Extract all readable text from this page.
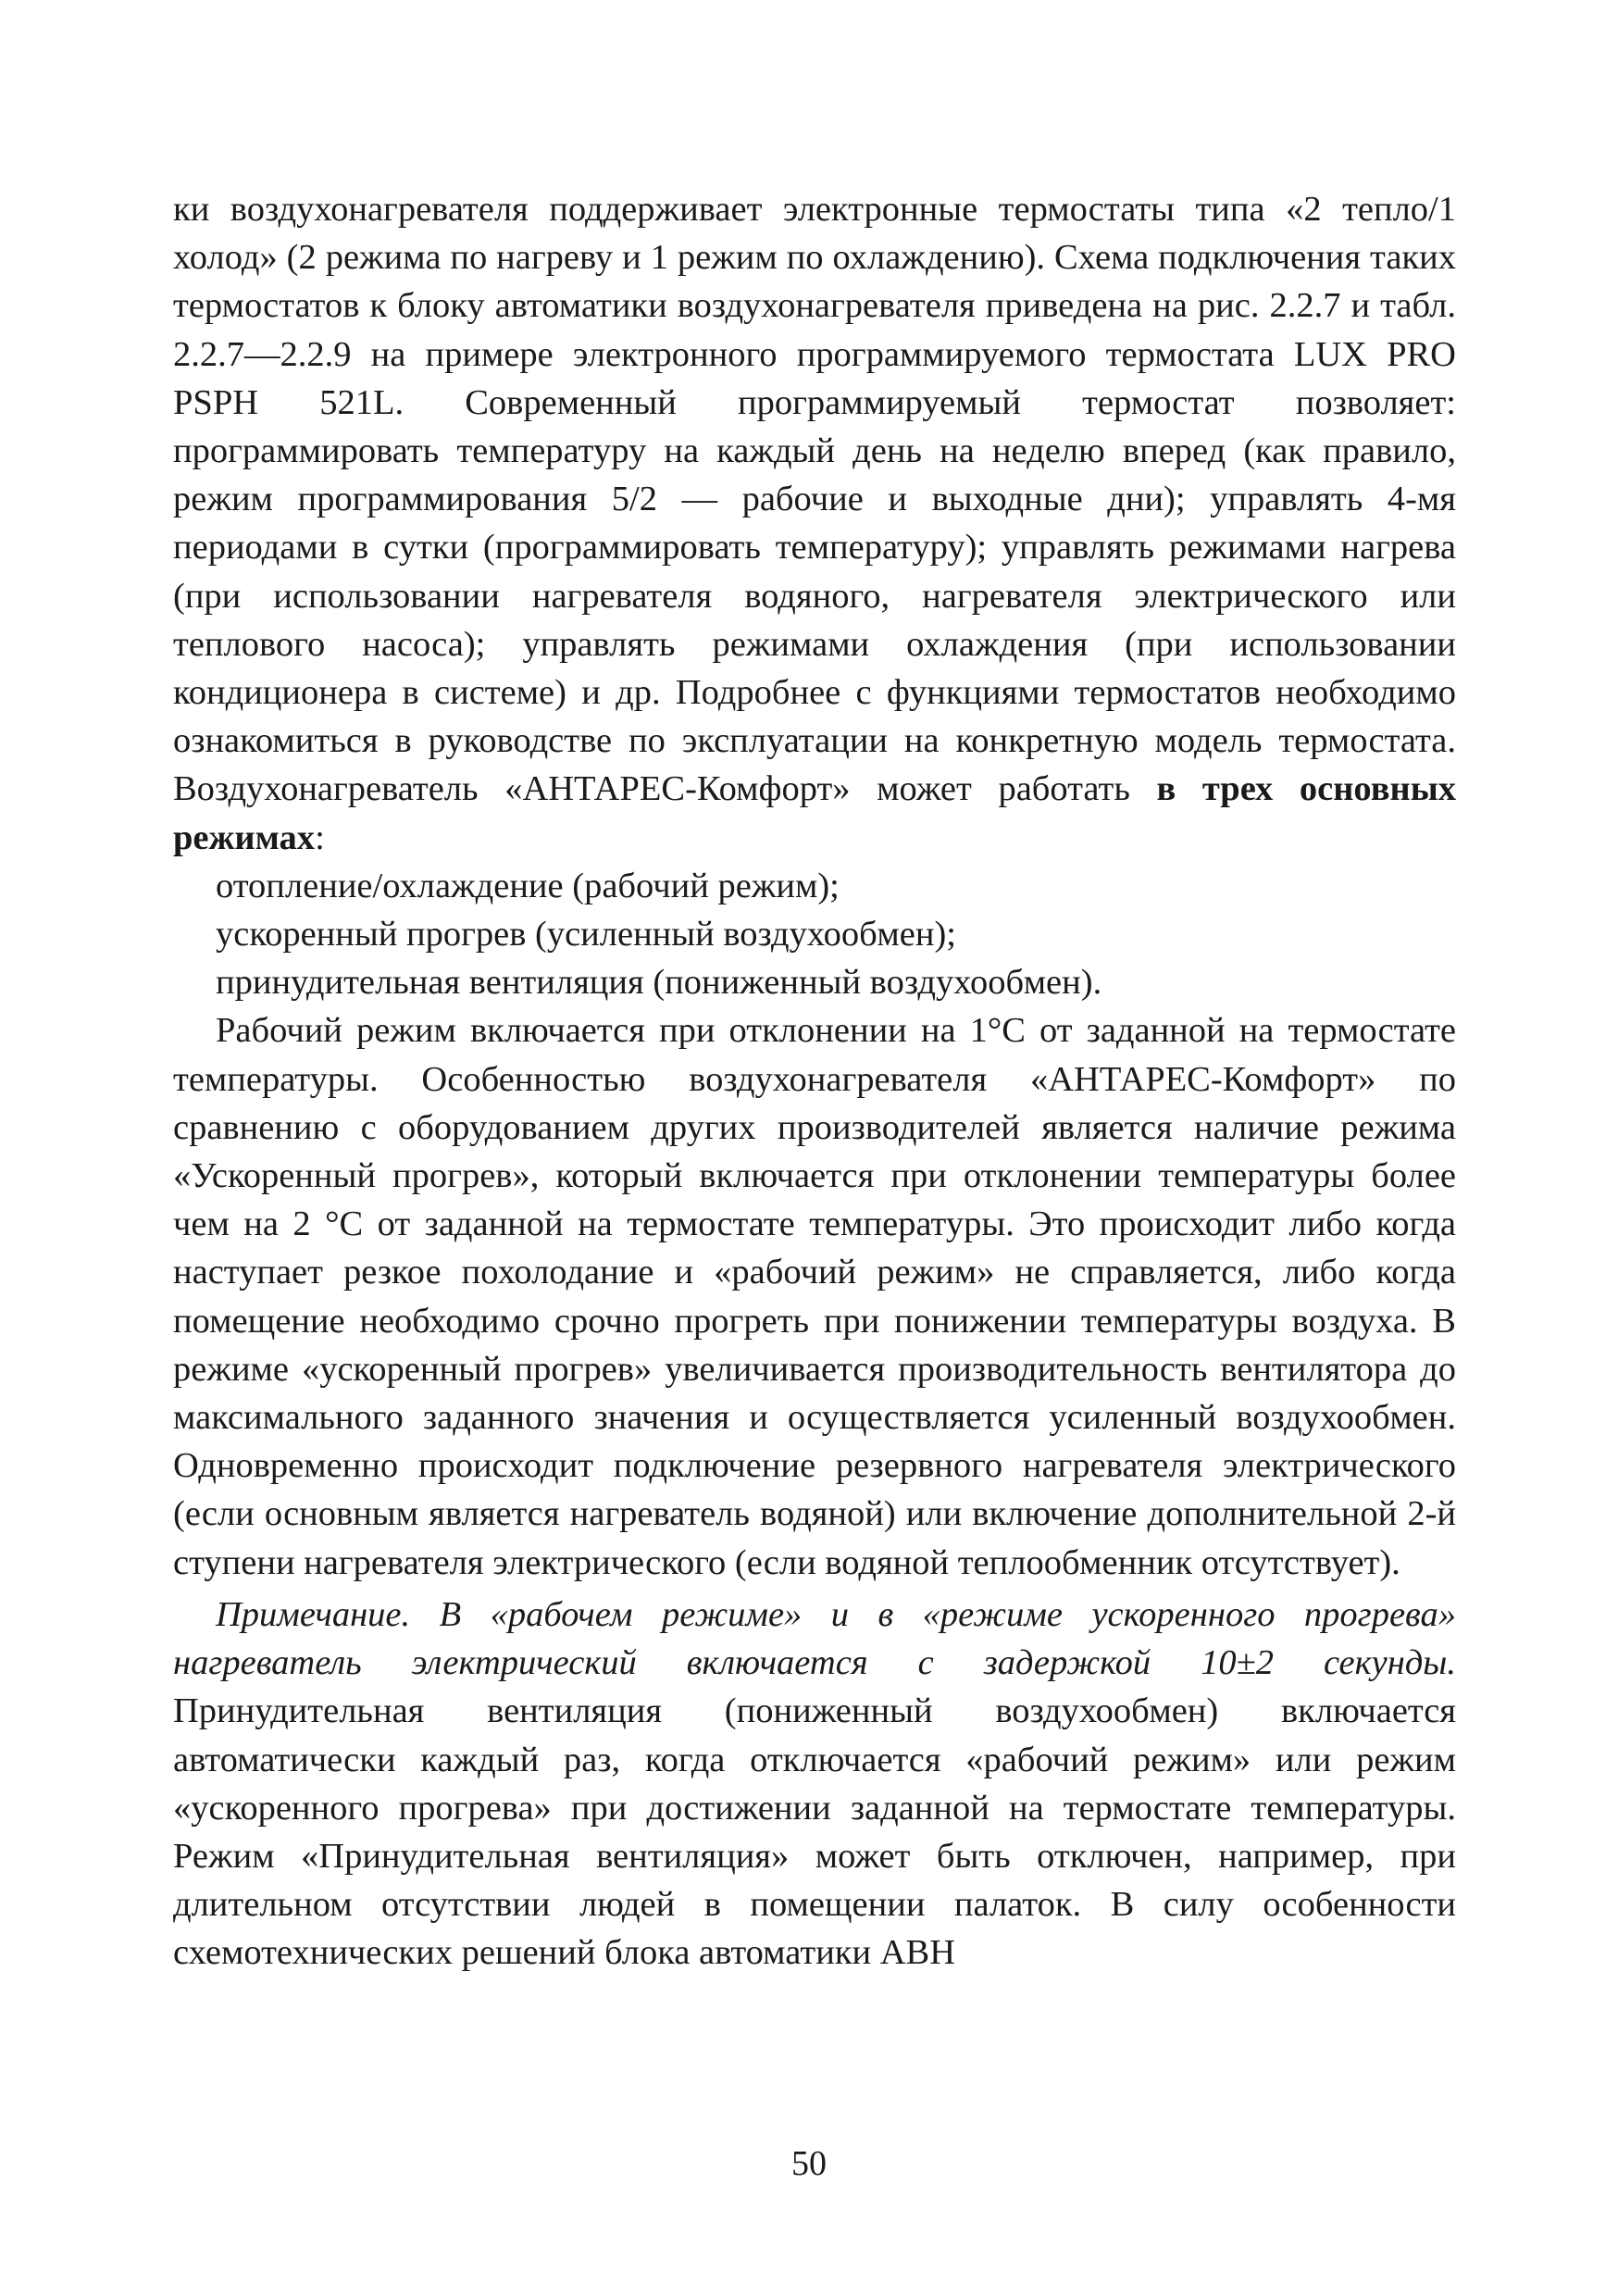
ки воздухонагревателя поддерживает электронные термостаты типа «2 тепло/1 холод» (2 режима по нагреву и 1 режим по охлаждению). Схема подключения таких термостатов к блоку автоматики воздухонагревателя приведена на рис. 2.2.7 и табл. 2.2.7—2.2.9 на примере электронного программируемого термостата LUX PRO PSPH 521L. Современный программируемый термостат позволяет: программировать температуру на каждый день на неделю вперед (как правило, режим программирования 5/2 — рабочие и выходные дни); управлять 4-мя периодами в сутки (программировать температуру); управлять режимами нагрева (при использовании нагревателя водяного, нагревателя электрического или теплового насоса); управлять режимами охлаждения (при использовании кондиционера в системе) и др. Подробнее с функциями термостатов необходимо ознакомиться в руководстве по эксплуатации на конкретную модель термостата. Воздухонагреватель «АНТАРЕС-Комфорт» может работать в трех основных режимах:

отопление/охлаждение (рабочий режим);

ускоренный прогрев (усиленный воздухообмен);

принудительная вентиляция (пониженный воздухообмен).

Рабочий режим включается при отклонении на 1°C от заданной на термостате температуры. Особенностью воздухонагревателя «АНТАРЕС-Комфорт» по сравнению с оборудованием других производителей является наличие режима «Ускоренный прогрев», который включается при отклонении температуры более чем на 2 °С от заданной на термостате температуры. Это происходит либо когда наступает резкое похолодание и «рабочий режим» не справляется, либо когда помещение необходимо срочно прогреть при понижении температуры воздуха. В режиме «ускоренный прогрев» увеличивается производительность вентилятора до максимального заданного значения и осуществляется усиленный воздухообмен. Одновременно происходит подключение резервного нагревателя электрического (если основным является нагреватель водяной) или включение дополнительной 2-й ступени нагревателя электрического (если водяной теплообменник отсутствует).

Примечание. В «рабочем режиме» и в «режиме ускоренного прогрева» нагреватель электрический включается с задержкой 10±2 секунды. Принудительная вентиляция (пониженный воздухообмен) включается автоматически каждый раз, когда отключается «рабочий режим» или режим «ускоренного прогрева» при достижении заданной на термостате температуры. Режим «Принудительная вентиляция» может быть отключен, например, при длительном отсутствии людей в помещении палаток. В силу особенности схемотехнических решений блока автоматики АВН

50
